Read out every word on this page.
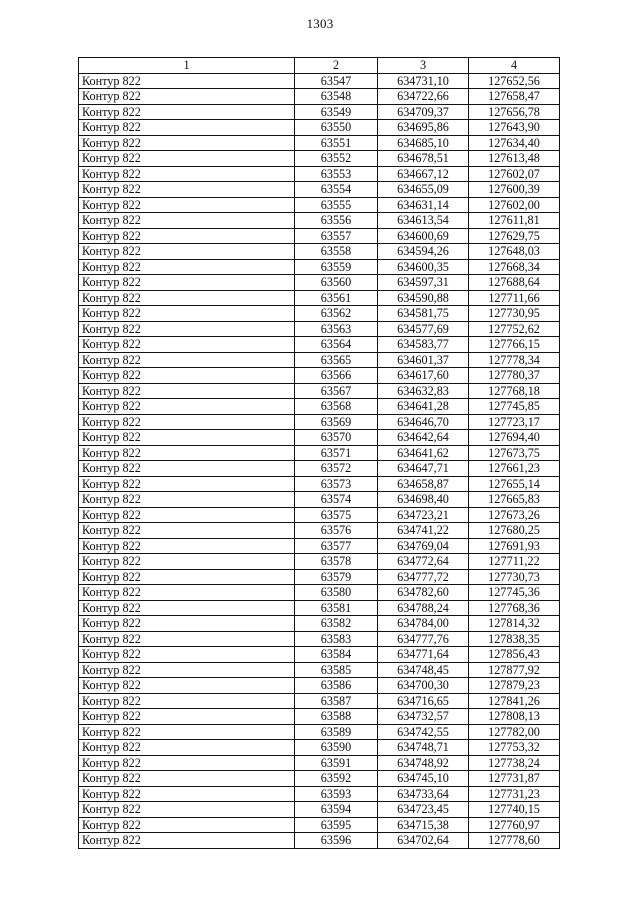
1303
1	2	3	4
Контур 822	63547	634731,10	127652,56
Контур 822	63548	634722,66	127658,47
Контур 822	63549	634709,37	127656,78
Контур 822	63550	634695,86	127643,90
Контур 822	63551	634685,10	127634,40
Контур 822	63552	634678,51	127613,48
Контур 822	63553	634667,12	127602,07
Контур 822	63554	634655,09	127600,39
Контур 822	63555	634631,14	127602,00
Контур 822	63556	634613,54	127611,81
Контур 822	63557	634600,69	127629,75
Контур 822	63558	634594,26	127648,03
Контур 822	63559	634600,35	127668,34
Контур 822	63560	634597,31	127688,64
Контур 822	63561	634590,88	127711,66
Контур 822	63562	634581,75	127730,95
Контур 822	63563	634577,69	127752,62
Контур 822	63564	634583,77	127766,15
Контур 822	63565	634601,37	127778,34
Контур 822	63566	634617,60	127780,37
Контур 822	63567	634632,83	127768,18
Контур 822	63568	634641,28	127745,85
Контур 822	63569	634646,70	127723,17
Контур 822	63570	634642,64	127694,40
Контур 822	63571	634641,62	127673,75
Контур 822	63572	634647,71	127661,23
Контур 822	63573	634658,87	127655,14
Контур 822	63574	634698,40	127665,83
Контур 822	63575	634723,21	127673,26
Контур 822	63576	634741,22	127680,25
Контур 822	63577	634769,04	127691,93
Контур 822	63578	634772,64	127711,22
Контур 822	63579	634777,72	127730,73
Контур 822	63580	634782,60	127745,36
Контур 822	63581	634788,24	127768,36
Контур 822	63582	634784,00	127814,32
Контур 822	63583	634777,76	127838,35
Контур 822	63584	634771,64	127856,43
Контур 822	63585	634748,45	127877,92
Контур 822	63586	634700,30	127879,23
Контур 822	63587	634716,65	127841,26
Контур 822	63588	634732,57	127808,13
Контур 822	63589	634742,55	127782,00
Контур 822	63590	634748,71	127753,32
Контур 822	63591	634748,92	127738,24
Контур 822	63592	634745,10	127731,87
Контур 822	63593	634733,64	127731,23
Контур 822	63594	634723,45	127740,15
Контур 822	63595	634715,38	127760,97
Контур 822	63596	634702,64	127778,60
